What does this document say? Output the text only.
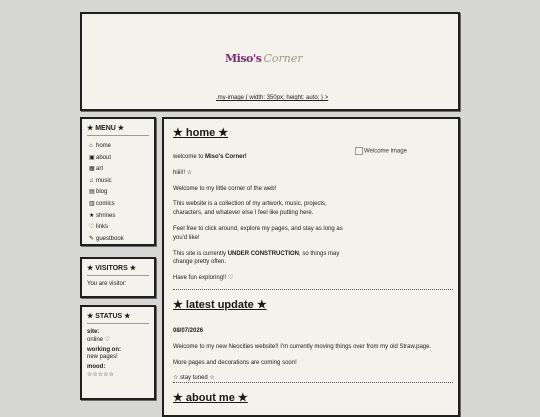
Miso's Corner
.my-image { width: 350px; height: auto; } >
★ MENU ★
⌂ home
▣about
▦art
♫ music
▤blog
▥comics
★ shrines
♡ links
✎ guestbook
★ VISITORS ★

You are visitor:

★ STATUS ★
site:
online ♡
working on:
new pages!
mood:
☆☆☆☆☆
★ home ★

welcome to Miso's Corner!

hiiii!! ☆

Welcome to my little corner of the web!

This website is a collection of my artwork, music, projects, characters, and whatever else I feel like putting here.

Feel free to click around, explore my pages, and stay as long as you'd like!

This site is currently UNDER CONSTRUCTION, so things may change pretty often.

Have fun exploring!! ♡

Welcome image
★ latest update ★

08/07/2026

Welcome to my new Neocities website!! I'm currently moving things over from my old Straw.page.

More pages and decorations are coming soon!

☆ stay tuned ☆

★ about me ★
